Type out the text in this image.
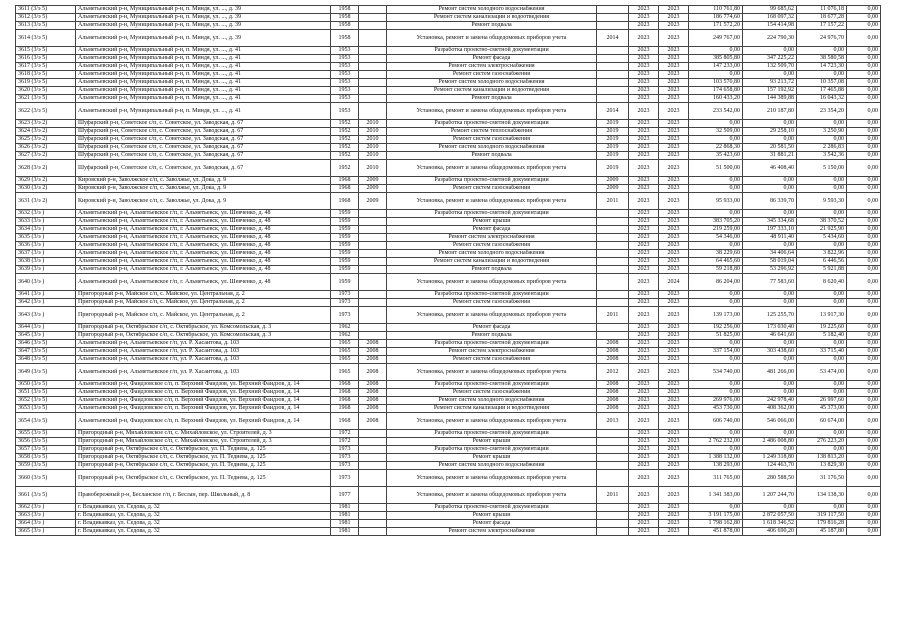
3611 (3/э 5)	Альметьевский р-н, Муниципальный р-н, п. Миндя, ул. ..., д. 39	1958		Ремонт систем холодного водоснабжения		2023	2023	110 761,80	99 685,62	11 076,18	0,00
3612 (3/э 5)	Альметьевский р-н, Муниципальный р-н, п. Миндя, ул. ..., д. 39	1958		Ремонт систем канализации и водоотведения		2023	2023	186 774,60	168 097,32	18 677,28	0,00
3613 (3/э 5)	Альметьевский р-н, Муниципальный р-н, п. Миндя, ул. ..., д. 39	1958		Ремонт подвала		2023	2023	171 572,20	154 414,98	17 157,22	0,00
3614 (3/э 5)	Альметьевский р-н, Муниципальный р-н, п. Миндя, ул. ..., д. 39	1958		Установка, ремонт и замена общедомовых приборов учета	2014	2023	2023	249 767,00	224 790,30	24 976,70	0,00
3615 (3/э 5)	Альметьевский р-н, Муниципальный р-н, п. Миндя, ул. ..., д. 41	1953		Разработка проектно-сметной документации		2023	2023	0,00	0,00	0,00	0,00
3616 (3/э 5)	Альметьевский р-н, Муниципальный р-н, п. Миндя, ул. ..., д. 41	1953		Ремонт фасада		2023	2023	385 805,80	347 225,22	38 580,58	0,00
3617 (3/э 5)	Альметьевский р-н, Муниципальный р-н, п. Миндя, ул. ..., д. 41	1953		Ремонт систем электроснабжения		2023	2023	147 233,00	132 509,70	14 723,30	0,00
3618 (3/э 5)	Альметьевский р-н, Муниципальный р-н, п. Миндя, ул. ..., д. 41	1953		Ремонт систем газоснабжения		2023	2023	0,00	0,00	0,00	0,00
3619 (3/э 5)	Альметьевский р-н, Муниципальный р-н, п. Миндя, ул. ..., д. 41	1953		Ремонт систем холодного водоснабжения		2023	2023	103 570,80	93 213,72	10 357,08	0,00
3620 (3/э 5)	Альметьевский р-н, Муниципальный р-н, п. Миндя, ул. ..., д. 41	1953		Ремонт систем канализации и водоотведения		2023	2023	174 658,80	157 192,92	17 465,88	0,00
3621 (3/э 5)	Альметьевский р-н, Муниципальный р-н, п. Миндя, ул. ..., д. 41	1953		Ремонт подвала		2023	2023	160 433,20	144 389,88	16 043,32	0,00
3622 (3/э 5)	Альметьевский р-н, Муниципальный р-н, п. Миндя, ул. ..., д. 41	1953		Установка, ремонт и замена общедомовых приборов учета	2014	2023	2023	233 542,00	210 187,80	23 354,20	0,00
3623 (3/э 2)	Шуфарский р-н, Советское с/п, с. Советское, ул. Заводская, д. 67	1952	2010	Разработка проектно-сметной документации	2019	2023	2023	0,00	0,00	0,00	0,00
3624 (3/э 2)	Шуфарский р-н, Советское с/п, с. Советское, ул. Заводская, д. 67	1952	2010	Ремонт систем теплоснабжения	2019	2023	2023	32 509,00	29 258,10	3 250,90	0,00
3625 (3/э 2)	Шуфарский р-н, Советское с/п, с. Советское, ул. Заводская, д. 67	1952	2010	Ремонт систем газоснабжения	2019	2023	2023	0,00	0,00	0,00	0,00
3626 (3/э 2)	Шуфарский р-н, Советское с/п, с. Советское, ул. Заводская, д. 67	1952	2010	Ремонт систем холодного водоснабжения	2019	2023	2023	22 868,30	20 581,50	2 286,83	0,00
3627 (3/э 2)	Шуфарский р-н, Советское с/п, с. Советское, ул. Заводская, д. 67	1952	2010	Ремонт подвала	2019	2023	2023	35 423,60	31 881,21	3 542,36	0,00
3628 (3/э 2)	Шуфарский р-н, Советское с/п, с. Советское, ул. Заводская, д. 67	1952	2010	Установка, ремонт и замена общедомовых приборов учета	2019	2023	2023	51 500,00	46 408,40	5 150,00	0,00
3629 (3/э 2)	Кировский р-н, Заволжское с/п, с. Заволжье, ул. Дока, д. 9	1968	2009	Разработка проектно-сметной документации	2009	2023	2023	0,00	0,00	0,00	0,00
3630 (3/э 2)	Кировский р-н, Заволжское с/п, с. Заволжье, ул. Дока, д. 9	1968	2009	Ремонт систем газоснабжения	2009	2023	2023	0,00	0,00	0,00	0,00
3631 (3/э 2)	Кировский р-н, Заволжское с/п, с. Заволжье, ул. Дока, д. 9	1968	2009	Установка, ремонт и замена общедомовых приборов учета	2011	2023	2023	95 933,00	86 339,70	9 593,30	0,00
3632 (3/э )	Альметьевский р-н, Альметьевское г/п, г. Альметьевск, ул. Шевченко, д. 48	1959		Разработка проектно-сметной документации		2023	2023	0,00	0,00	0,00	0,00
3633 (3/э )	Альметьевский р-н, Альметьевское г/п, г. Альметьевск, ул. Шевченко, д. 48	1959		Ремонт крыши		2023	2023	383 705,20	345 334,68	38 370,52	0,00
3634 (3/э )	Альметьевский р-н, Альметьевское г/п, г. Альметьевск, ул. Шевченко, д. 48	1959		Ремонт фасада		2023	2023	219 259,00	197 333,10	21 925,90	0,00
3635 (3/э )	Альметьевский р-н, Альметьевское г/п, г. Альметьевск, ул. Шевченко, д. 48	1959		Ремонт систем электроснабжения		2023	2023	54 346,00	48 911,40	5 434,60	0,00
3636 (3/э )	Альметьевский р-н, Альметьевское г/п, г. Альметьевск, ул. Шевченко, д. 48	1959		Ремонт систем газоснабжения		2023	2023	0,00	0,00	0,00	0,00
3637 (3/э )	Альметьевский р-н, Альметьевское г/п, г. Альметьевск, ул. Шевченко, д. 48	1959		Ремонт систем холодного водоснабжения		2023	2023	38 229,60	34 406,64	3 822,96	0,00
3638 (3/э )	Альметьевский р-н, Альметьевское г/п, г. Альметьевск, ул. Шевченко, д. 48	1959		Ремонт систем канализации и водоотведения		2023	2023	64 465,60	58 019,04	6 446,56	0,00
3639 (3/э )	Альметьевский р-н, Альметьевское г/п, г. Альметьевск, ул. Шевченко, д. 48	1959		Ремонт подвала		2023	2023	59 218,80	53 296,92	5 921,88	0,00
3640 (3/э )	Альметьевский р-н, Альметьевское г/п, г. Альметьевск, ул. Шевченко, д. 48	1959		Установка, ремонт и замена общедомовых приборов учета		2023	2024	86 204,00	77 583,60	8 620,40	0,00
3641 (3/э )	Пригородный р-н, Майское с/п, с. Майское, ул. Центральная, д. 2	1973		Разработка проектно-сметной документации		2023	2023	0,00	0,00	0,00	0,00
3642 (3/э )	Пригородный р-н, Майское с/п, с. Майское, ул. Центральная, д. 2	1973		Ремонт систем газоснабжения		2023	2023	0,00	0,00	0,00	0,00
3643 (3/э )	Пригородный р-н, Майское с/п, с. Майское, ул. Центральная, д. 2	1973		Установка, ремонт и замена общедомовых приборов учета	2011	2023	2023	139 173,00	125 255,70	13 917,30	0,00
3644 (3/э )	Пригородный р-н, Октябрьское с/п, с. Октябрьское, ул. Комсомольская, д. 3	1962		Ремонт фасада		2023	2023	192 256,00	173 030,40	19 225,60	0,00
3645 (3/э )	Пригородный р-н, Октябрьское с/п, с. Октябрьское, ул. Комсомольская, д. 3	1962		Ремонт подвала		2023	2023	51 825,00	46 641,60	5 182,40	0,00
3646 (3/э 5)	Альметьевский р-н, Альметьевское г/п, ул. Р. Хасаитова, д. 103	1965	2008	Разработка проектно-сметной документации	2008	2023	2023	0,00	0,00	0,00	0,00
3647 (3/э 5)	Альметьевский р-н, Альметьевское г/п, ул. Р. Хасаитова, д. 103	1965	2008	Ремонт систем электроснабжения	2008	2023	2023	337 154,00	303 438,60	33 715,40	0,00
3648 (3/э 5)	Альметьевский р-н, Альметьевское г/п, ул. Р. Хасаитова, д. 103	1965	2008	Ремонт систем газоснабжения	2008	2023	2023	0,00	0,00	0,00	0,00
3649 (3/э 5)	Альметьевский р-н, Альметьевское г/п, ул. Р. Хасаитова, д. 103	1965	2008	Установка, ремонт и замена общедомовых приборов учета	2012	2023	2023	534 740,00	481 266,00	53 474,00	0,00
3650 (3/э 5)	Альметьевский р-н, Фаидзовское с/п, п. Верхний Фаидзов, ул. Верхний Фаидзов, д. 14	1968	2008	Разработка проектно-сметной документации	2008	2023	2023	0,00	0,00	0,00	0,00
3651 (3/э 5)	Альметьевский р-н, Фаидзовское с/п, п. Верхний Фаидзов, ул. Верхний Фаидзов, д. 14	1968	2008	Ремонт систем газоснабжения	2008	2023	2023	0,00	0,00	0,00	0,00
3652 (3/э 5)	Альметьевский р-н, Фаидзовское с/п, п. Верхний Фаидзов, ул. Верхний Фаидзов, д. 14	1968	2008	Ремонт систем холодного водоснабжения	2008	2023	2023	269 976,00	242 978,40	26 997,60	0,00
3653 (3/э 5)	Альметьевский р-н, Фаидзовское с/п, п. Верхний Фаидзов, ул. Верхний Фаидзов, д. 14	1968	2008	Ремонт систем канализации и водоотведения	2008	2023	2023	453 730,00	408 362,00	45 373,00	0,00
3654 (3/э 5)	Альметьевский р-н, Фаидзовское с/п, п. Верхний Фаидзов, ул. Верхний Фаидзов, д. 14	1968	2008	Установка, ремонт и замена общедомовых приборов учета	2013	2023	2023	606 740,00	546 066,00	60 674,00	0,00
3655 (3/э 5)	Пригородный р-н, Михайловское с/п, с. Михайловское, ул. Строителей, д. 3	1972		Разработка проектно-сметной документации		2023	2023	0,00	0,00	0,00	0,00
3656 (3/э 5)	Пригородный р-н, Михайловское с/п, с. Михайловское, ул. Строителей, д. 3	1972		Ремонт крыши		2023	2023	2 762 232,00	2 486 008,80	276 223,20	0,00
3657 (3/э 5)	Пригородный р-н, Октябрьское с/п, с. Октябрьское, ул. П. Тедиева, д. 125	1973		Разработка проектно-сметной документации		2023	2023	0,00	0,00	0,00	0,00
3658 (3/э 5)	Пригородный р-н, Октябрьское с/п, с. Октябрьское, ул. П. Тедиева, д. 125	1973		Ремонт крыши		2023	2023	1 388 132,00	1 249 318,80	138 813,20	0,00
3659 (3/э 5)	Пригородный р-н, Октябрьское с/п, с. Октябрьское, ул. П. Тедиева, д. 125	1973		Ремонт систем холодного водоснабжения		2023	2023	138 293,00	124 463,70	13 829,30	0,00
3660 (3/э 5)	Пригородный р-н, Октябрьское с/п, с. Октябрьское, ул. П. Тедиева, д. 125	1973		Установка, ремонт и замена общедомовых приборов учета		2023	2023	311 765,00	280 588,50	31 176,50	0,00
3661 (3/э 5)	Правобережный р-н, Бесланское г/п, г. Беслан, пер. Школьный, д. 8	1977		Установка, ремонт и замена общедомовых приборов учета	2011	2023	2023	1 341 383,00	1 207 244,70	134 138,30	0,00
3662 (3/э )	г. Владикавказ, ул. Седова, д. 32	1981		Разработка проектно-сметной документации		2023	2023	0,00	0,00	0,00	0,00
3663 (3/э )	г. Владикавказ, ул. Седова, д. 32	1981		Ремонт крыши		2023	2023	3 191 175,00	2 872 057,50	319 117,50	0,00
3664 (3/э )	г. Владикавказ, ул. Седова, д. 32	1981		Ремонт фасада		2023	2023	1 798 162,80	1 618 346,52	179 816,28	0,00
3665 (3/э )	г. Владикавказ, ул. Седова, д. 32	1981		Ремонт систем электроснабжения		2023	2023	451 878,00	406 690,20	45 187,80	0,00
